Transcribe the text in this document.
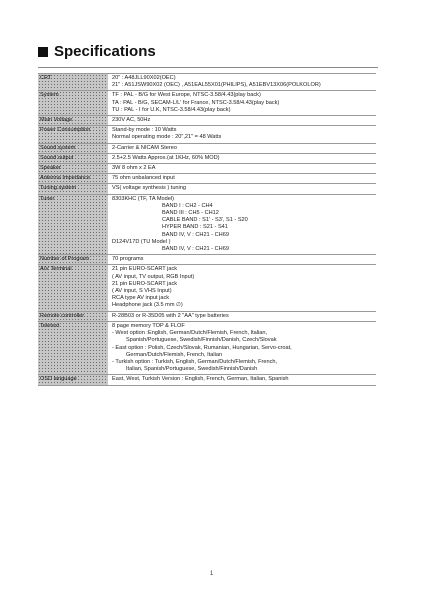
Specifications
CRT	20" : A48JLL90X02(OEC)
21" : A51JSW90X02 (OEC) , A51EAL55X01(PHILIPS), A51EBV13X06(POLKOLOR)
System	TF : PAL - B/G for West Europe, NTSC-3.58/4.43(play back)
TA : PAL - B/G, SECAM-L/L' for France, NTSC-3.58/4.43(play back)
TU : PAL - I for U.K, NTSC-3.58/4.43(play back)
Main Voltage	230V AC, 50Hz
Power Consumption	Stand-by mode : 10 Watts
Normal operating mode : 20",21" = 48 Watts
Sound system	2-Carrier & NICAM Stereo
Sound output	2.5+2.5 Watts Approx.(at 1KHz, 60% MOD)
Speaker	3W 8 ohm x 2 EA
Antenna Impedance	75 ohm unbalanced input
Tuning system	VS( voltage synthesis ) tuning
Tuner	8303KHC (TF, TA Model)
BAND I : CH2 - CH4
BAND III : CH5 - CH12
CABLE BAND : S1' - S3', S1 - S20
HYPER BAND : S21 - S41
BAND IV, V : CH21 - CH69
D124V17D (TU Model )
BAND IV, V : CH21 - CH69
Number of Program	70 programs
A/V Terminal	21 pin EURO-SCART jack
( AV input, TV output, RGB Input)
21 pin EURO-SCART jack
( AV input, S VHS Input)
RCA type AV input jack
Headphone jack (3.5 mm ∅)
Remote controller	R-28B03 or R-35D05 with 2 "AA" type batteries
Teletext	8 page memory TOP & FLOF
- West option :English, German/Dutch/Flemish, French, Italian,
Spanish/Portuguese, Swedish/Finnish/Danish, Czech/Slovak
- East option : Polish, Czech/Slovak, Rumanian, Hungarian, Servo-croat,
German/Dutch/Flemish, French, Italian
- Turkish option : Turkish, English, German/Dutch/Flemish, French,
Italian, Spanish/Portuguese, Swedish/Finnish/Danish
OSD language	East, West, Turkish Version : English, French, German, Italian, Spanish
1
